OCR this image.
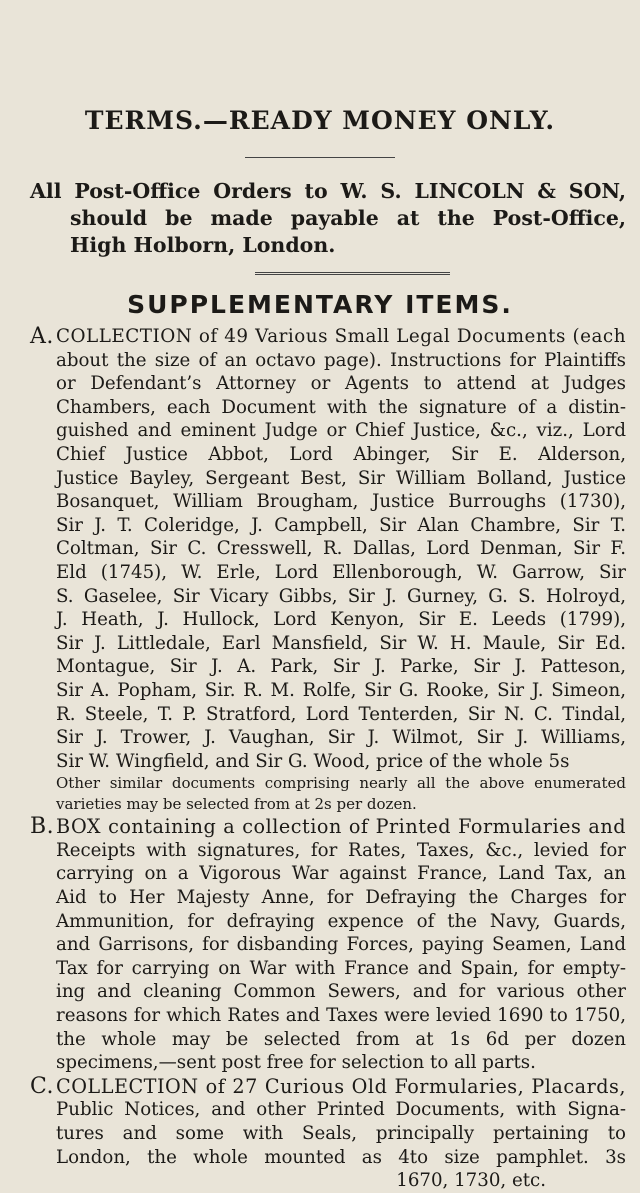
TERMS.—READY MONEY ONLY.
All Post-Office Orders to W. S. LINCOLN & SON,
should be made payable at the Post-Office,
High Holborn, London.
SUPPLEMENTARY ITEMS.
A. COLLECTION of 49 Various Small Legal Documents (each
about the size of an octavo page). Instructions for Plaintiffs
or Defendant’s Attorney or Agents to attend at Judges
Chambers, each Document with the signature of a distin-
guished and eminent Judge or Chief Justice, &c., viz., Lord
Chief Justice Abbot, Lord Abinger, Sir E. Alderson,
Justice Bayley, Sergeant Best, Sir William Bolland, Justice
Bosanquet, William Brougham, Justice Burroughs (1730),
Sir J. T. Coleridge, J. Campbell, Sir Alan Chambre, Sir T.
Coltman, Sir C. Cresswell, R. Dallas, Lord Denman, Sir F.
Eld (1745), W. Erle, Lord Ellenborough, W. Garrow, Sir
S. Gaselee, Sir Vicary Gibbs, Sir J. Gurney, G. S. Holroyd,
J. Heath, J. Hullock, Lord Kenyon, Sir E. Leeds (1799),
Sir J. Littledale, Earl Mansfield, Sir W. H. Maule, Sir Ed.
Montague, Sir J. A. Park, Sir J. Parke, Sir J. Patteson,
Sir A. Popham, Sir. R. M. Rolfe, Sir G. Rooke, Sir J. Simeon,
R. Steele, T. P. Stratford, Lord Tenterden, Sir N. C. Tindal,
Sir J. Trower, J. Vaughan, Sir J. Wilmot, Sir J. Williams,
Sir W. Wingfield, and Sir G. Wood, price of the whole 5s
Other similar documents comprising nearly all the above enumerated
varieties may be selected from at 2s per dozen.
B. BOX containing a collection of Printed Formularies and
Receipts with signatures, for Rates, Taxes, &c., levied for
carrying on a Vigorous War against France, Land Tax, an
Aid to Her Majesty Anne, for Defraying the Charges for
Ammunition, for defraying expence of the Navy, Guards,
and Garrisons, for disbanding Forces, paying Seamen, Land
Tax for carrying on War with France and Spain, for empty-
ing and cleaning Common Sewers, and for various other
reasons for which Rates and Taxes were levied 1690 to 1750,
the whole may be selected from at 1s 6d per dozen
specimens,—sent post free for selection to all parts.
C. COLLECTION of 27 Curious Old Formularies, Placards,
Public Notices, and other Printed Documents, with Signa-
tures and some with Seals, principally pertaining to
London, the whole mounted as 4to size pamphlet. 3s
1670, 1730, etc.
